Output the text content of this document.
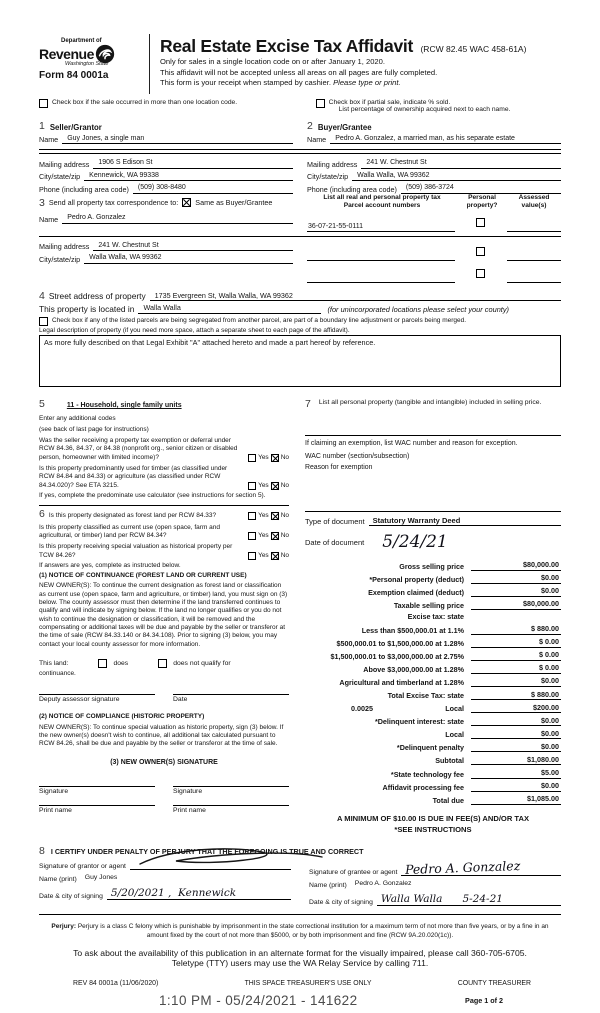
Department of
Revenue
Washington State
Form 84 0001a
Real Estate Excise Tax Affidavit (RCW 82.45 WAC 458-61A)
Only for sales in a single location code on or after January 1, 2020.
This affidavit will not be accepted unless all areas on all pages are fully completed.
This form is your receipt when stamped by cashier. Please type or print.
Check box if the sale occurred in more than one location code.	Check box if partial sale, indicate % sold.
List percentage of ownership acquired next to each name.
1 Seller/Grantor	2 Buyer/Grantee
Name	Guy Jones, a single man	Name	Pedro A. Gonzalez, a married man, as his separate estate
Mailing address	1906 S Edison St
City/state/zip	Kennewick, WA 99338
Phone (including area code)	(509) 308-8480
Mailing address	241 W. Chestnut St
City/state/zip	Walla Walla, WA 99362
Phone (including area code)	(509) 386-3724
3 Send all property tax correspondence to: Same as Buyer/Grantee
Name	Pedro A. Gonzalez
List all real and personal property tax
Parcel account numbers
Personal
property?
Assessed
value(s)
36-07-21-55-0111
Mailing address	241 W. Chestnut St
City/state/zip	Walla Walla, WA 99362
4 Street address of property	1735 Evergreen St, Walla Walla, WA 99362
This property is located in	Walla Walla	(for unincorporated locations please select your county)
Check box if any of the listed parcels are being segregated from another parcel, are part of a boundary line adjustment or parcels being merged.
Legal description of property (if you need more space, attach a separate sheet to each page of the affidavit).
As more fully described on that Legal Exhibit "A" attached hereto and made a part hereof by reference.
5	11 - Household, single family units
Enter any additional codes
(see back of last page for instructions)
Was the seller receiving a property tax exemption or deferral under RCW 84.36, 84.37, or 84.38 (nonprofit org., senior citizen or disabled person, homeowner with limited income)?	Yes No
Is this property predominantly used for timber (as classified under RCW 84.84 and 84.33) or agriculture (as classified under RCW 84.34.020)? See ETA 3215.	Yes No
If yes, complete the predominate use calculator (see instructions for section 5).
6 Is this property designated as forest land per RCW 84.33?	Yes No
Is this property classified as current use (open space, farm and agricultural, or timber) land per RCW 84.34?	Yes No
Is this property receiving special valuation as historical property per TCW 84.26?	Yes No
If answers are yes, complete as instructed below.
(1) NOTICE OF CONTINUANCE (FOREST LAND OR CURRENT USE)
NEW OWNER(S): To continue the current designation as forest land or classification as current use (open space, farm and agriculture, or timber) land, you must sign on (3) below. The county assessor must then determine if the land transferred continues to qualify and will indicate by signing below. If the land no longer qualifies or you do not wish to continue the designation or classification, it will be removed and the compensating or additional taxes will be due and payable by the seller or transferor at the time of sale (RCW 84.33.140 or 84.34.108). Prior to signing (3) below, you may contact your local county assessor for more information.
This land:	does	does not qualify for
continuance.
Deputy assessor signature	Date
(2) NOTICE OF COMPLIANCE (HISTORIC PROPERTY)
NEW OWNER(S): To continue special valuation as historic property, sign (3) below. If the new owner(s) doesn't wish to continue, all additional tax calculated pursuant to RCW 84.26, shall be due and payable by the seller or transferor at the time of sale.
(3) NEW OWNER(S) SIGNATURE
Signature	Signature
Print name	Print name
7 List all personal property (tangible and intangible) included in selling price.
If claiming an exemption, list WAC number and reason for exception.
WAC number (section/subsection)
Reason for exemption
Type of document	Statutory Warranty Deed
Date of document	5/24/21
Gross selling price	$80,000.00
*Personal property (deduct)	$0.00
Exemption claimed (deduct)	$0.00
Taxable selling price	$80,000.00
Excise tax: state
Less than $500,000.01 at 1.1%	$ 880.00
$500,000.01 to $1,500,000.00 at 1.28%	$ 0.00
$1,500,000.01 to $3,000,000.00 at 2.75%	$ 0.00
Above $3,000,000.00 at 1.28%	$ 0.00
Agricultural and timberland at 1.28%	$0.00
Total Excise Tax: state	$ 880.00
0.0025	Local	$200.00
*Delinquent interest: state	$0.00
Local	$0.00
*Delinquent penalty	$0.00
Subtotal	$1,080.00
*State technology fee	$5.00
Affidavit processing fee	$0.00
Total due	$1,085.00
A MINIMUM OF $10.00 IS DUE IN FEE(S) AND/OR TAX
*SEE INSTRUCTIONS
8 I CERTIFY UNDER PENALTY OF PERJURY THAT THE FOREGOING IS TRUE AND CORRECT
Signature of grantor or agent
Name (print)	Guy Jones
Date & city of signing 5/20/2021 ,  Kennewick
Signature of grantee or agent Pedro A. Gonzalez
Name (print)	Pedro A. Gonzalez
Date & city of signing Walla Walla      5-24-21
Perjury: Perjury is a class C felony which is punishable by imprisonment in the state correctional institution for a maximum term of not more than five years, or by a fine in an amount fixed by the court of not more than $5000, or by both imprisonment and fine (RCW 9A.20.020(1c)).
To ask about the availability of this publication in an alternate format for the visually impaired, please call 360-705-6705.
Teletype (TTY) users may use the WA Relay Service by calling 711.
REV 84 0001a (11/06/2020)	THIS SPACE TREASURER'S USE ONLY	COUNTY TREASURER
1:10 PM - 05/24/2021 - 141622	Page 1 of 2
